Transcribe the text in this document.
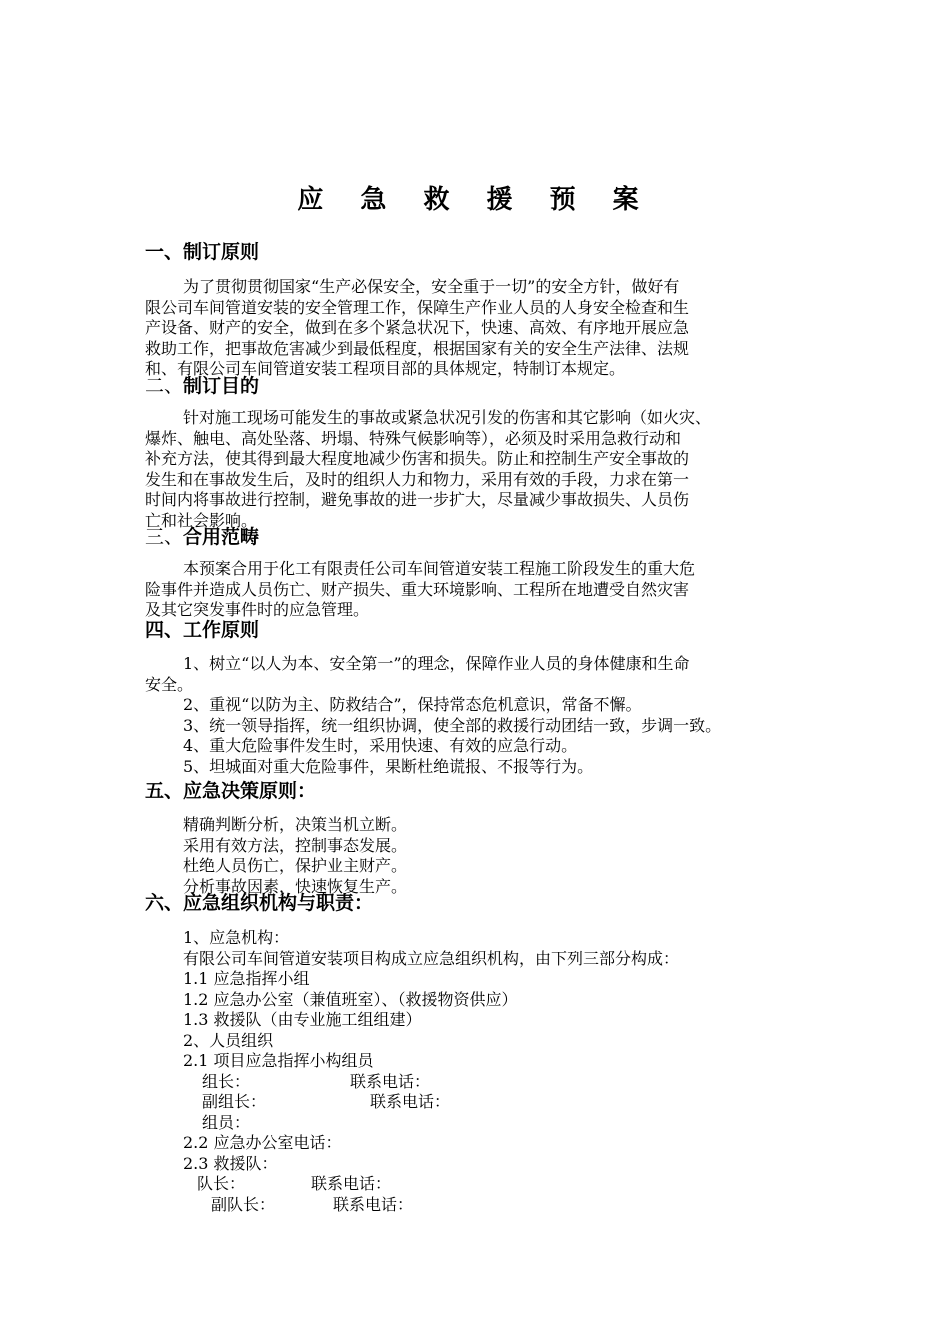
应 急 救 援 预 案
一、制订原则
为了贯彻贯彻国家“生产必保安全，安全重于一切”的安全方针，做好有
限公司车间管道安装的安全管理工作，保障生产作业人员的人身安全检查和生
产设备、财产的安全，做到在多个紧急状况下，快速、高效、有序地开展应急
救助工作，把事故危害减少到最低程度，根据国家有关的安全生产法律、法规
和、有限公司车间管道安装工程项目部的具体规定，特制订本规定。
二、制订目的
针对施工现场可能发生的事故或紧急状况引发的伤害和其它影响（如火灾、
爆炸、触电、高处坠落、坍塌、特殊气候影响等），必须及时采用急救行动和
补充方法，使其得到最大程度地减少伤害和损失。防止和控制生产安全事故的
发生和在事故发生后，及时的组织人力和物力，采用有效的手段，力求在第一
时间内将事故进行控制，避免事故的进一步扩大，尽量减少事故损失、人员伤
亡和社会影响。
三、合用范畴
本预案合用于化工有限责任公司车间管道安装工程施工阶段发生的重大危
险事件并造成人员伤亡、财产损失、重大环境影响、工程所在地遭受自然灾害
及其它突发事件时的应急管理。
四、工作原则
1、树立“以人为本、安全第一”的理念，保障作业人员的身体健康和生命
安全。
2、重视“以防为主、防救结合”，保持常态危机意识，常备不懈。
3、统一领导指挥，统一组织协调，使全部的救援行动团结一致，步调一致。
4、重大危险事件发生时，采用快速、有效的应急行动。
5、坦城面对重大危险事件，果断杜绝谎报、不报等行为。
五、应急决策原则：
精确判断分析，决策当机立断。
采用有效方法，控制事态发展。
杜绝人员伤亡，保护业主财产。
分析事故因素，快速恢复生产。
六、应急组织机构与职责：
1、应急机构：
有限公司车间管道安装项目构成立应急组织机构，由下列三部分构成：
1.1 应急指挥小组
1.2 应急办公室（兼值班室）、（救援物资供应）
1.3 救援队（由专业施工组组建）
2、人员组织
2.1 项目应急指挥小构组员
组长：	联系电话：
副组长：	联系电话：
组员：
2.2 应急办公室电话：
2.3 救援队：
队长：	联系电话：
副队长：	联系电话：
